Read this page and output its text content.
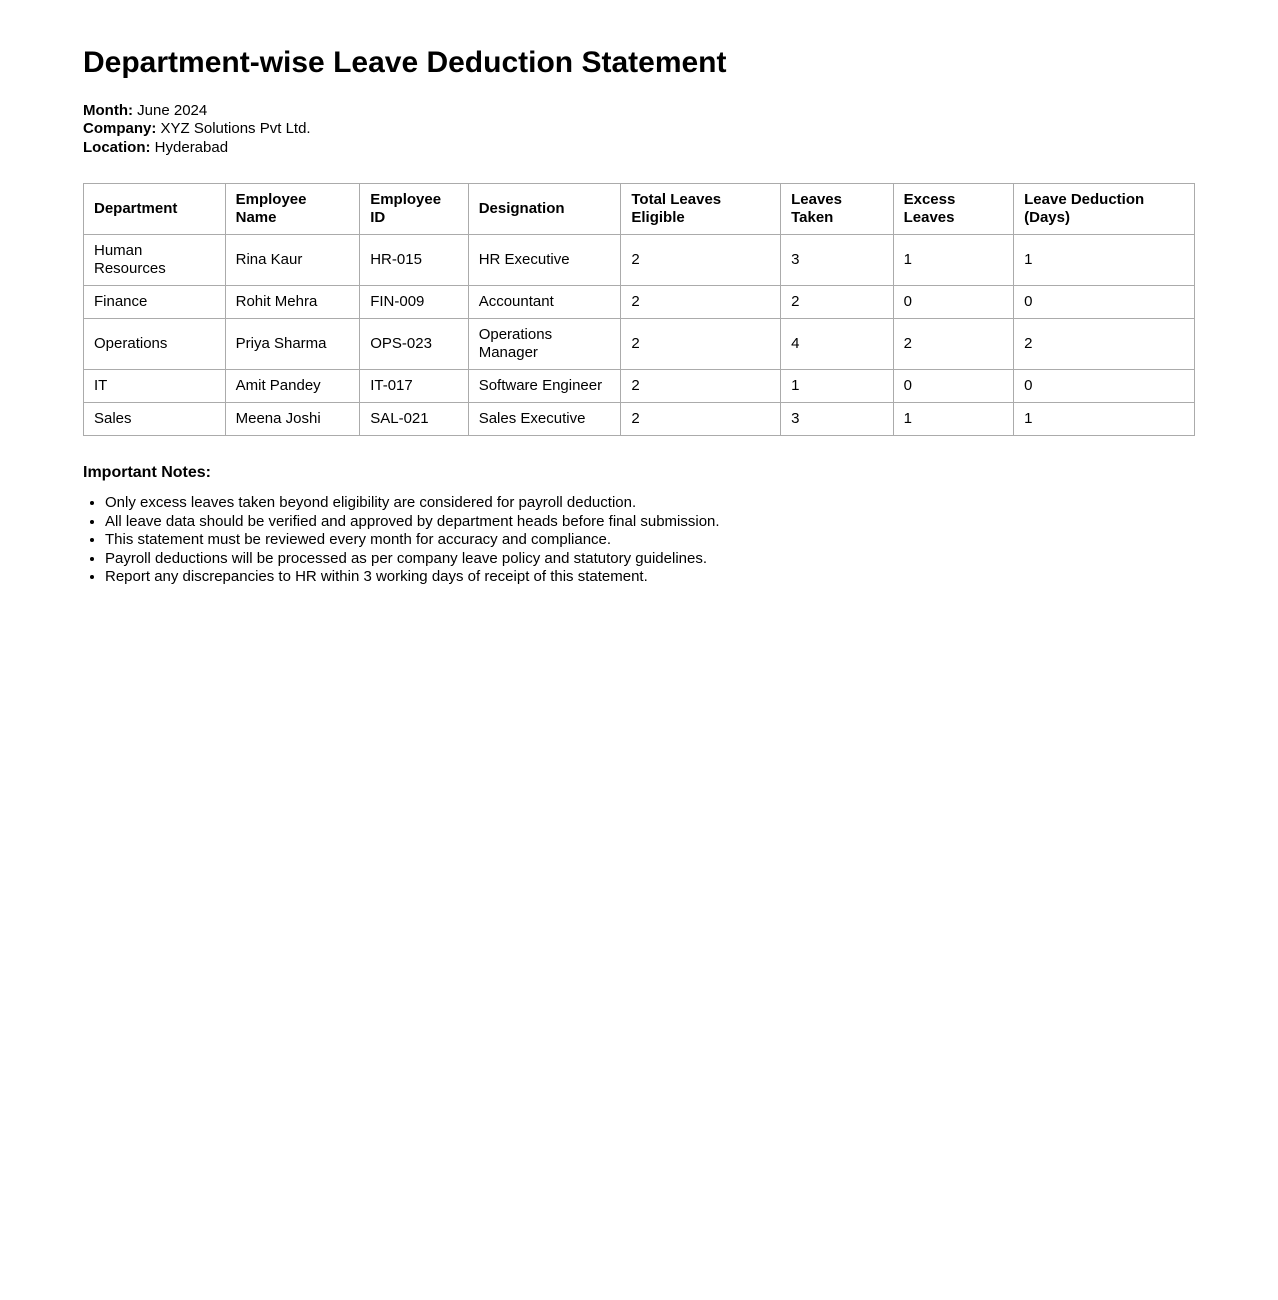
Department-wise Leave Deduction Statement
Month: June 2024
Company: XYZ Solutions Pvt Ltd.
Location: Hyderabad
Department	Employee Name	Employee ID	Designation	Total Leaves Eligible	Leaves Taken	Excess Leaves	Leave Deduction (Days)
Human Resources	Rina Kaur	HR-015	HR Executive	2	3	1	1
Finance	Rohit Mehra	FIN-009	Accountant	2	2	0	0
Operations	Priya Sharma	OPS-023	Operations Manager	2	4	2	2
IT	Amit Pandey	IT-017	Software Engineer	2	1	0	0
Sales	Meena Joshi	SAL-021	Sales Executive	2	3	1	1
Important Notes:
• Only excess leaves taken beyond eligibility are considered for payroll deduction.
• All leave data should be verified and approved by department heads before final submission.
• This statement must be reviewed every month for accuracy and compliance.
• Payroll deductions will be processed as per company leave policy and statutory guidelines.
• Report any discrepancies to HR within 3 working days of receipt of this statement.
